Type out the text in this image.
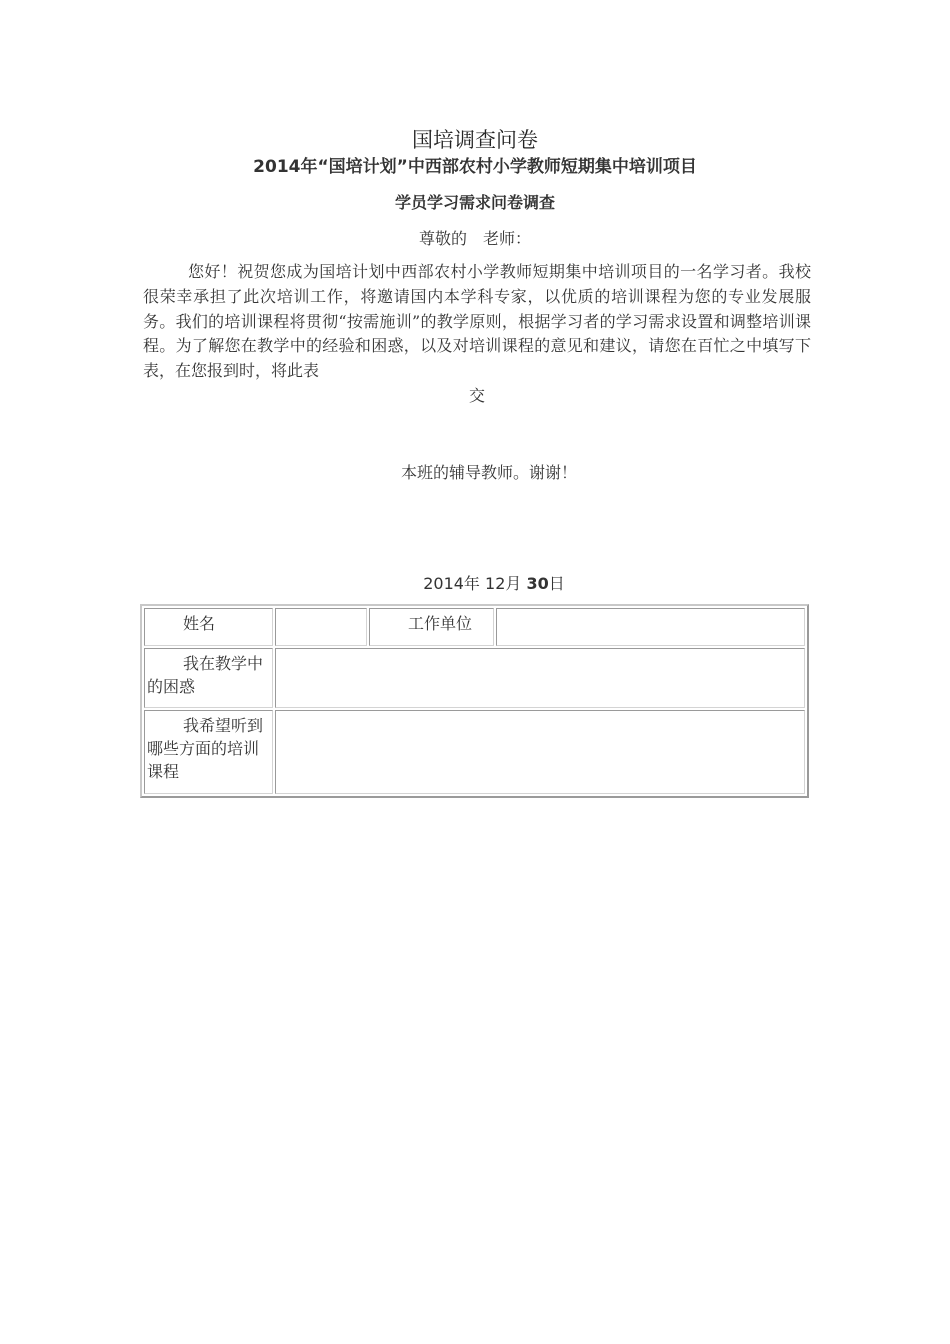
国培调查问卷
2014年“国培计划”中西部农村小学教师短期集中培训项目
学员学习需求问卷调查
尊敬的 老师：

您好！祝贺您成为国培计划中西部农村小学教师短期集中培训项目的一名学习者。我校很荣幸承担了此次培训工作，将邀请国内本学科专家，以优质的培训课程为您的专业发展服务。我们的培训课程将贯彻“按需施训”的教学原则，根据学习者的学习需求设置和调整培训课程。为了解您在教学中的经验和困惑，以及对培训课程的意见和建议，请您在百忙之中填写下表，在您报到时，将此表
交

本班的辅导教师。谢谢！
2014年 12月 30日
姓名		工作单位	
我在教学中的困惑			
我希望听到哪些方面的培训课程			
